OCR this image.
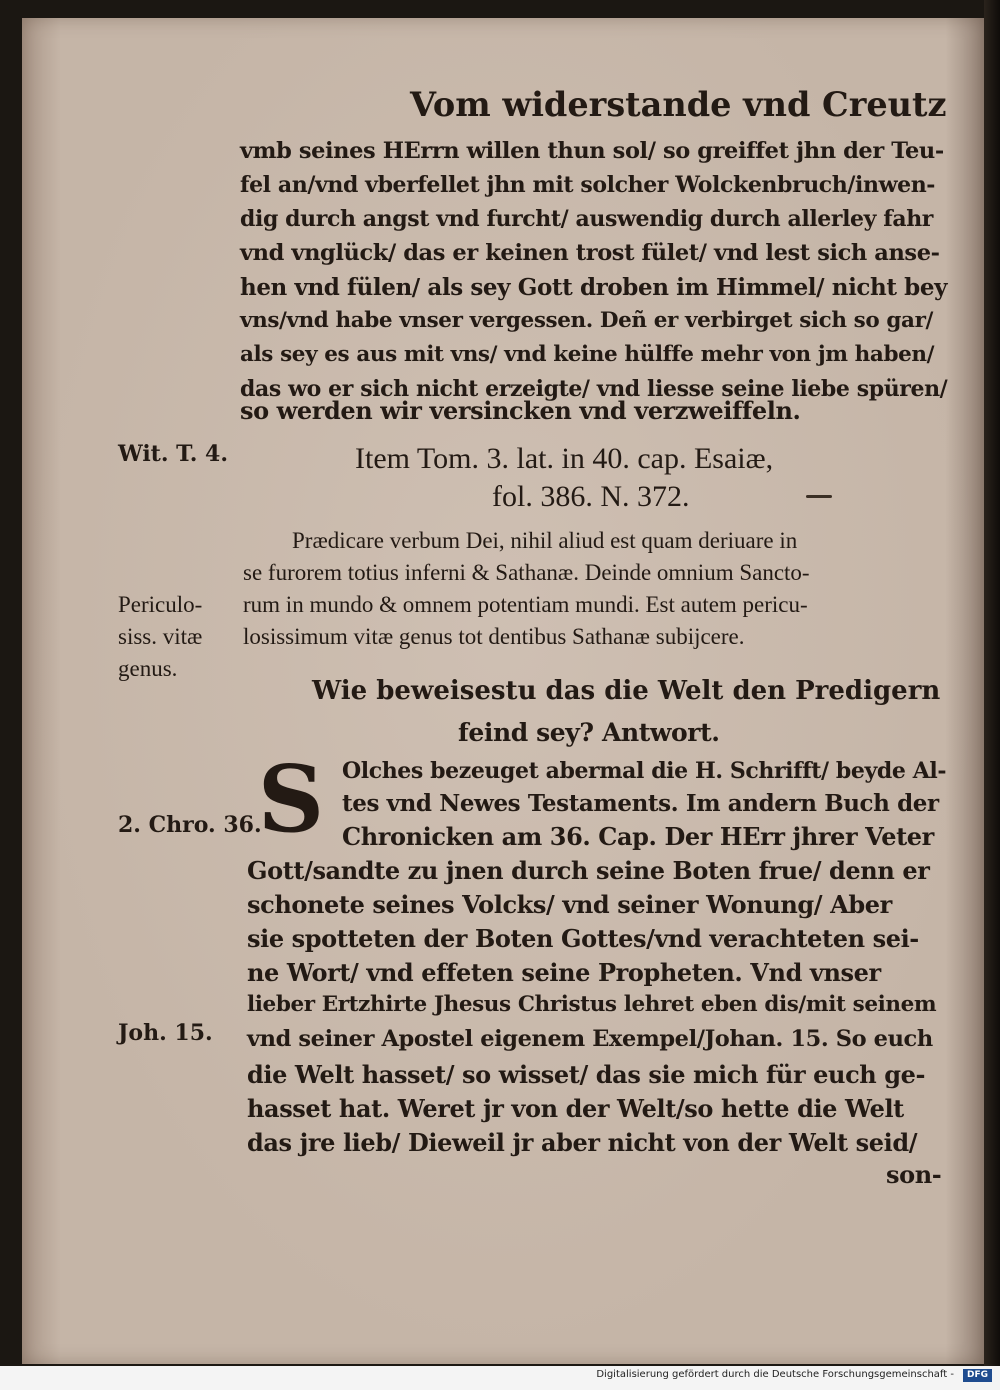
Vom widerstande vnd Creutz
vmb seines HErrn willen thun sol/ so greiffet jhn der Teu-
fel an/vnd vberfellet jhn mit solcher Wolckenbruch/inwen-
dig durch angst vnd furcht/ auswendig durch allerley fahr
vnd vnglück/ das er keinen trost fület/ vnd lest sich anse-
hen vnd fülen/ als sey Gott droben im Himmel/ nicht bey
vns/vnd habe vnser vergessen. Deñ er verbirget sich so gar/
als sey es aus mit vns/ vnd keine hülffe mehr von jm haben/
das wo er sich nicht erzeigte/ vnd liesse seine liebe spüren/
so werden wir versincken vnd verzweiffeln.
Item Tom. 3. lat. in 40. cap. Esaiæ,
fol. 386. N. 372.
Prædicare verbum Dei, nihil aliud est quam deriuare in
se furorem totius inferni & Sathanæ. Deinde omnium Sancto-
rum in mundo & omnem potentiam mundi. Est autem pericu-
losissimum vitæ genus tot dentibus Sathanæ subijcere.
Wie beweisestu das die Welt den Predigern
feind sey? Antwort.
S Olches bezeuget abermal die H. Schrifft/ beyde Al-
tes vnd Newes Testaments. Im andern Buch der
Chronicken am 36. Cap. Der HErr jhrer Veter
Gott/sandte zu jnen durch seine Boten frue/ denn er
schonete seines Volcks/ vnd seiner Wonung/ Aber
sie spotteten der Boten Gottes/vnd verachteten sei-
ne Wort/ vnd effeten seine Propheten. Vnd vnser
lieber Ertzhirte Jhesus Christus lehret eben dis/mit seinem
vnd seiner Apostel eigenem Exempel/Johan. 15. So euch
die Welt hasset/ so wisset/ das sie mich für euch ge-
hasset hat. Weret jr von der Welt/so hette die Welt
das jre lieb/ Dieweil jr aber nicht von der Welt seid/
son-
Wit. T. 4.
Periculo-
siss. vitæ
genus.
2. Chro. 36.
Joh. 15.
Digitalisierung gefördert durch die Deutsche Forschungsgemeinschaft -	DFG
